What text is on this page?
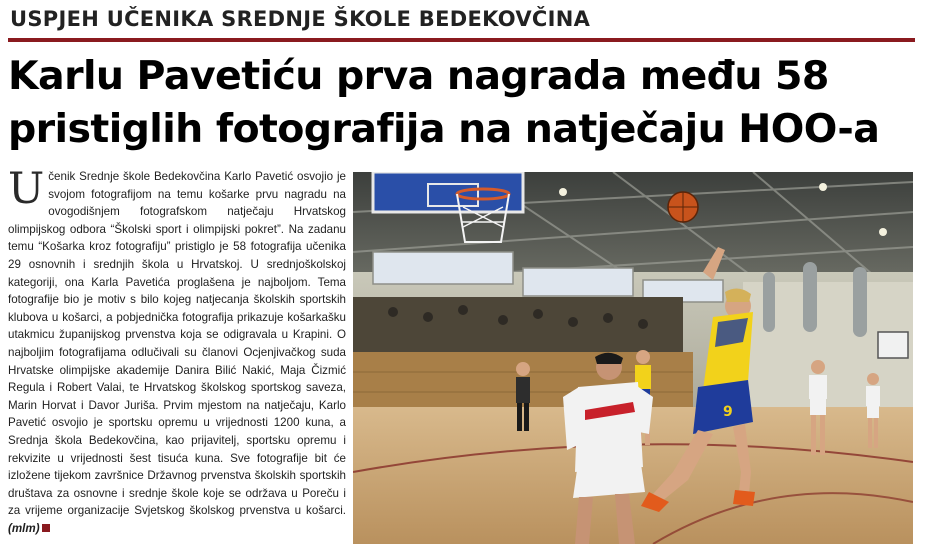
USPJEH UČENIKA SREDNJE ŠKOLE BEDEKOVČINA
Karlu Pavetiću prva nagrada među 58
pristiglih fotografija na natječaju HOO-a
Učenik Srednje škole Bedekovčina Karlo Pavetić osvojio je svojom fotografijom na temu košarke prvu nagradu na ovogodišnjem fotografskom natječaju Hrvatskog olimpijskog odbora “Školski sport i olimpijski pokret”. Na zadanu temu “Košarka kroz fotografiju” pristiglo je 58 fotografija učenika 29 osnovnih i srednjih škola u Hrvatskoj. U srednjoškolskoj kategoriji, ona Karla Pavetića proglašena je najboljom. Tema fotografije bio je motiv s bilo kojeg natjecanja školskih sportskih klubova u košarci, a pobjednička fotografija prikazuje košarkašku utakmicu županijskog prvenstva koja se odigravala u Krapini. O najboljim fotografijama odlučivali su članovi Ocjenjivačkog suda Hrvatske olimpijske akademije Danira Bilić Nakić, Maja Čizmić Regula i Robert Valai, te Hrvatskog školskog sportskog saveza, Marin Horvat i Davor Juriša. Prvim mjestom na natječaju, Karlo Pavetić osvojio je sportsku opremu u vrijednosti 1200 kuna, a Srednja škola Bedekovčina, kao prijavitelj, sportsku opremu i rekvizite u vrijednosti šest tisuća kuna. Sve fotografije bit će izložene tijekom završnice Državnog prvenstva školskih sportskih društava za osnovne i srednje škole koje se održava u Poreču i za vrijeme organizacije Svjetskog školskog prvenstva u košarci. (mlm)
9
